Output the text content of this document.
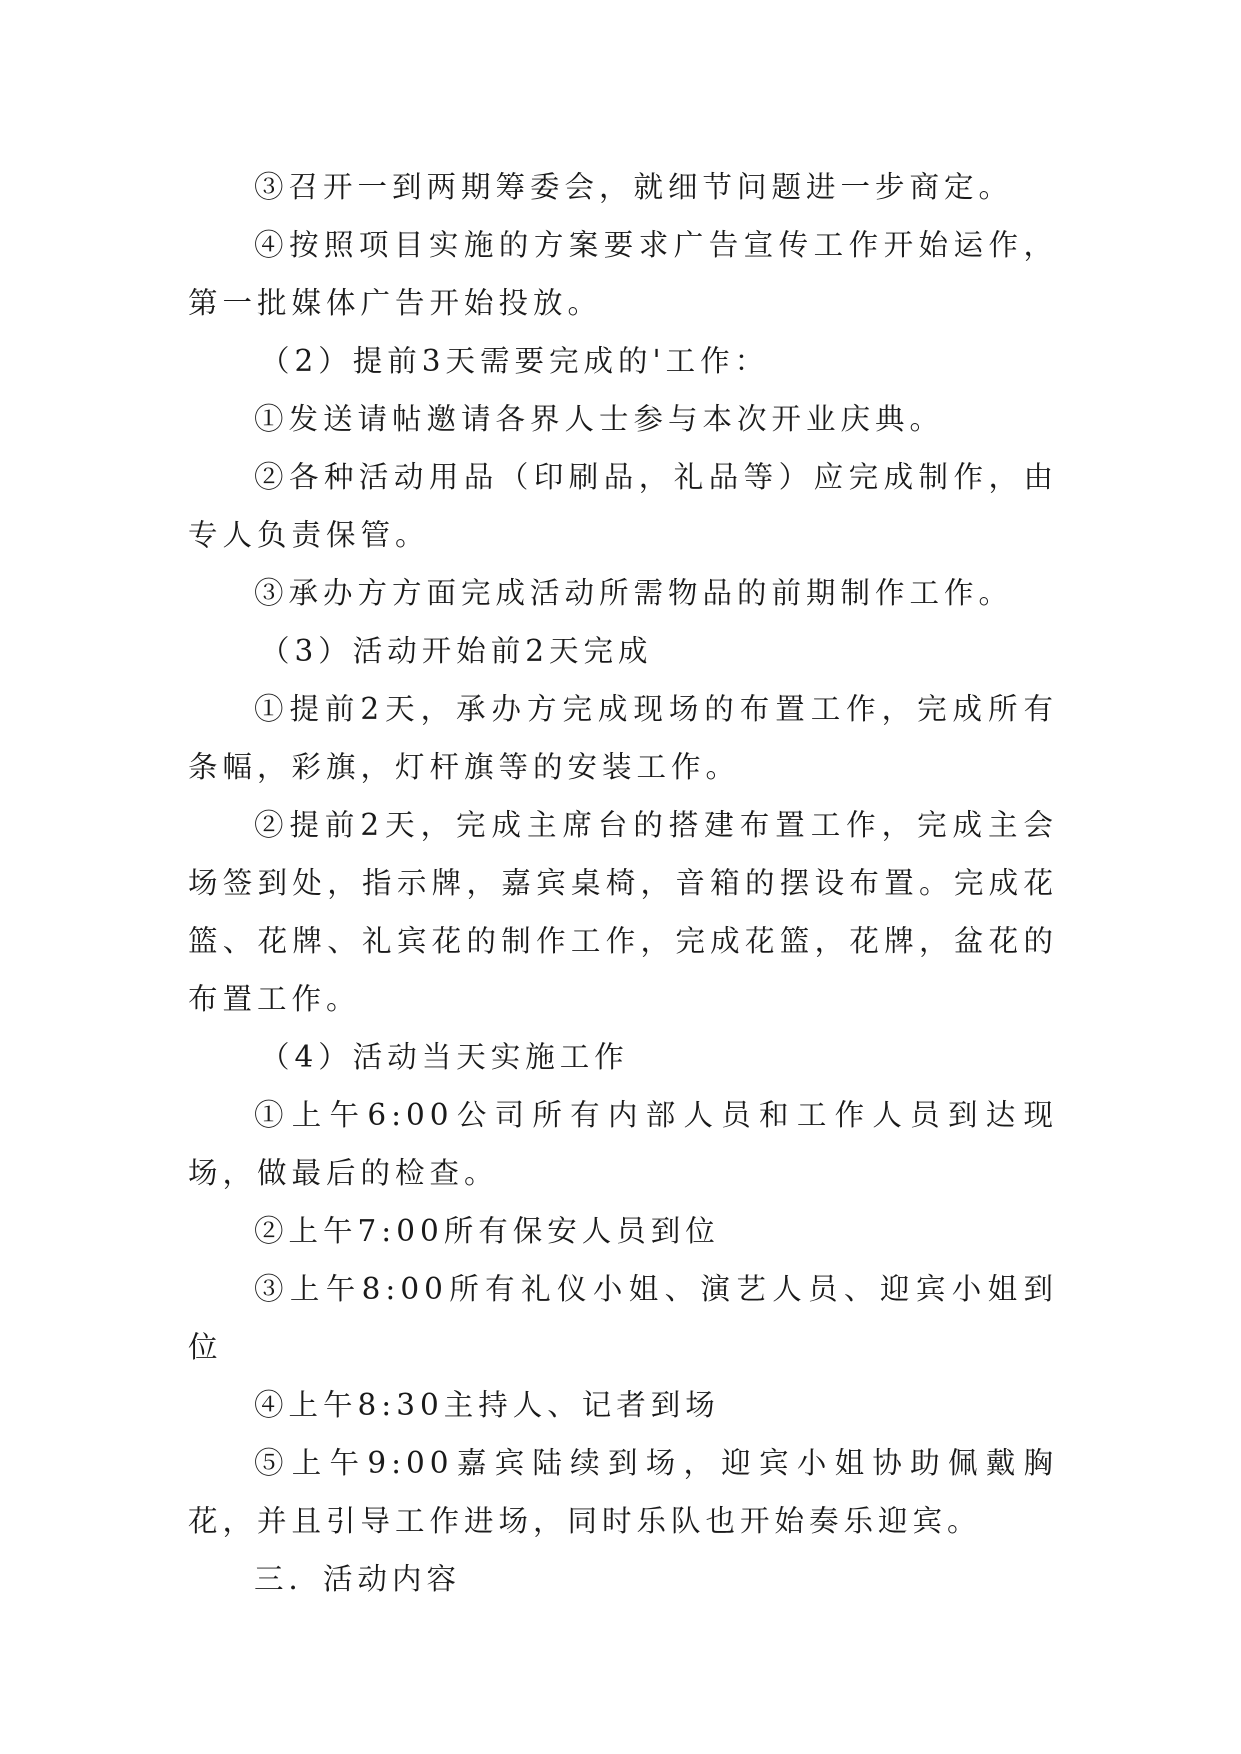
③召开一到两期筹委会，就细节问题进一步商定。

④按照项目实施的方案要求广告宣传工作开始运作，第一批媒体广告开始投放。

（2）提前3天需要完成的'工作：

①发送请帖邀请各界人士参与本次开业庆典。

②各种活动用品（印刷品，礼品等）应完成制作，由专人负责保管。

③承办方方面完成活动所需物品的前期制作工作。

（3）活动开始前2天完成

①提前2天，承办方完成现场的布置工作，完成所有条幅，彩旗，灯杆旗等的安装工作。

②提前2天，完成主席台的搭建布置工作，完成主会场签到处，指示牌，嘉宾桌椅，音箱的摆设布置。完成花篮、花牌、礼宾花的制作工作，完成花篮，花牌，盆花的布置工作。

（4）活动当天实施工作

①上午6:00公司所有内部人员和工作人员到达现场，做最后的检查。

②上午7:00所有保安人员到位

③上午8:00所有礼仪小姐、演艺人员、迎宾小姐到位

④上午8:30主持人、记者到场

⑤上午9:00嘉宾陆续到场，迎宾小姐协助佩戴胸花，并且引导工作进场，同时乐队也开始奏乐迎宾。

三．活动内容
